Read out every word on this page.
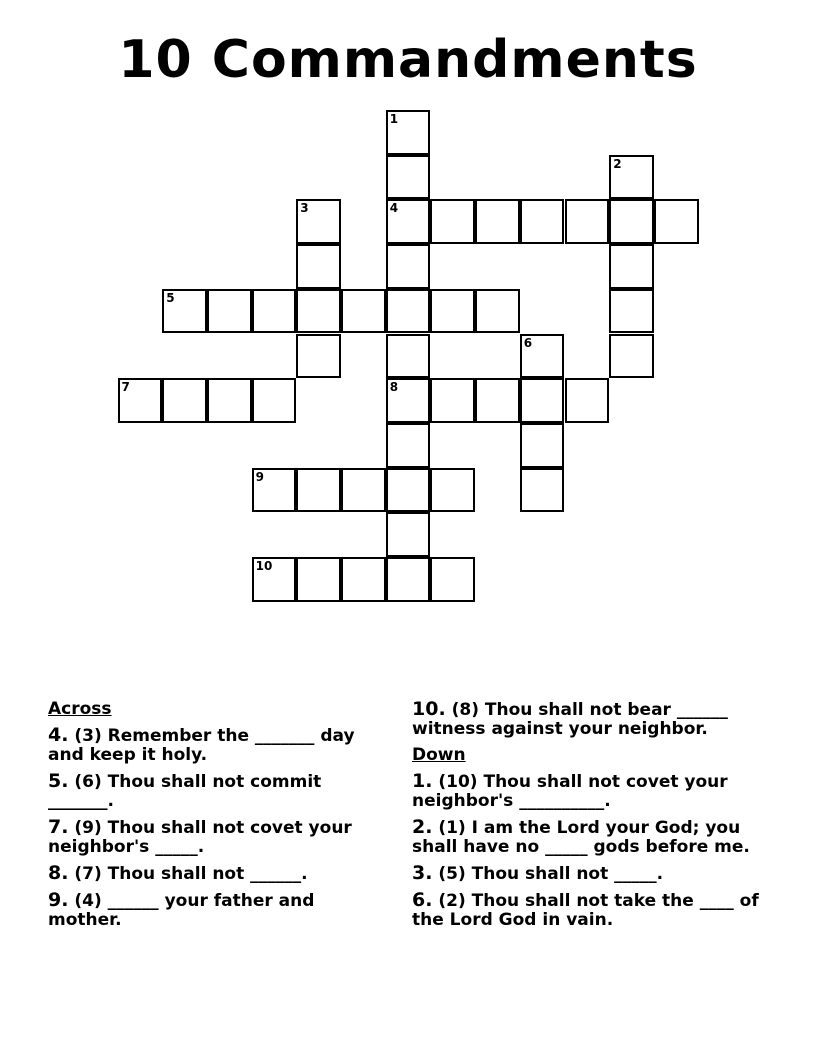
10 Commandments
1
2
3	4
5
6
7	8
9
10
Across
4. (3) Remember the _______ day and keep it holy.
5. (6) Thou shall not commit _______.
7. (9) Thou shall not covet your neighbor's _____.
8. (7) Thou shall not ______.
9. (4) ______ your father and mother.
10. (8) Thou shall not bear ______ witness against your neighbor.
Down
1. (10) Thou shall not covet your neighbor's __________.
2. (1) I am the Lord your God; you shall have no _____ gods before me.
3. (5) Thou shall not _____.
6. (2) Thou shall not take the ____ of the Lord God in vain.
